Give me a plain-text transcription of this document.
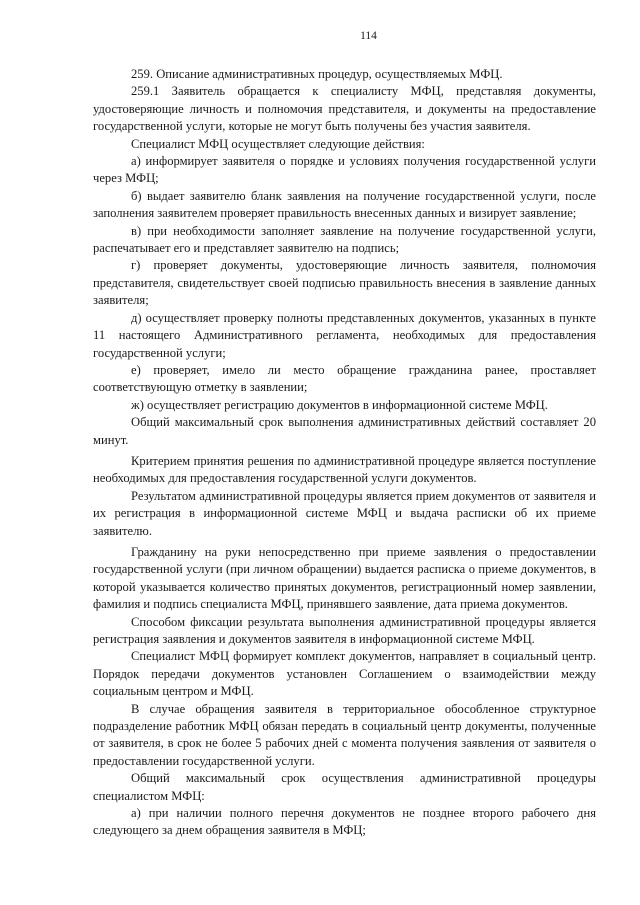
114

259. Описание административных процедур, осуществляемых МФЦ.

259.1 Заявитель обращается к специалисту МФЦ, представляя документы, удостоверяющие личность и полномочия представителя, и документы на предоставление государственной услуги, которые не могут быть получены без участия заявителя.

Специалист МФЦ осуществляет следующие действия:

а) информирует заявителя о порядке и условиях получения государственной услуги через МФЦ;

б) выдает заявителю бланк заявления на получение государственной услуги, после заполнения заявителем проверяет правильность внесенных данных и визирует заявление;

в) при необходимости заполняет заявление на получение государственной услуги, распечатывает его и представляет заявителю на подпись;

г) проверяет документы, удостоверяющие личность заявителя, полномочия представителя, свидетельствует своей подписью правильность внесения в заявление данных заявителя;

д) осуществляет проверку полноты представленных документов, указанных в пункте 11 настоящего Административного регламента, необходимых для предоставления государственной услуги;

е) проверяет, имело ли место обращение гражданина ранее, проставляет соответствующую отметку в заявлении;

ж) осуществляет регистрацию документов в информационной системе МФЦ.

Общий максимальный срок выполнения административных действий составляет 20 минут.

Критерием принятия решения по административной процедуре является поступление необходимых для предоставления государственной услуги документов.

Результатом административной процедуры является прием документов от заявителя и их регистрация в информационной системе МФЦ и выдача расписки об их приеме заявителю.

Гражданину на руки непосредственно при приеме заявления о предоставлении государственной услуги (при личном обращении) выдается расписка о приеме документов, в которой указывается количество принятых документов, регистрационный номер заявлении, фамилия и подпись специалиста МФЦ, принявшего заявление, дата приема документов.

Способом фиксации результата выполнения административной процедуры является регистрация заявления и документов заявителя в информационной системе МФЦ.

Специалист МФЦ формирует комплект документов, направляет в социальный центр. Порядок передачи документов установлен Соглашением о взаимодействии между социальным центром и МФЦ.

В случае обращения заявителя в территориальное обособленное структурное подразделение работник МФЦ обязан передать в социальный центр документы, полученные от заявителя, в срок не более 5 рабочих дней с момента получения заявления от заявителя о предоставлении государственной услуги.

Общий максимальный срок осуществления административной процедуры специалистом МФЦ:

а) при наличии полного перечня документов не позднее второго рабочего дня следующего за днем обращения заявителя в МФЦ;
